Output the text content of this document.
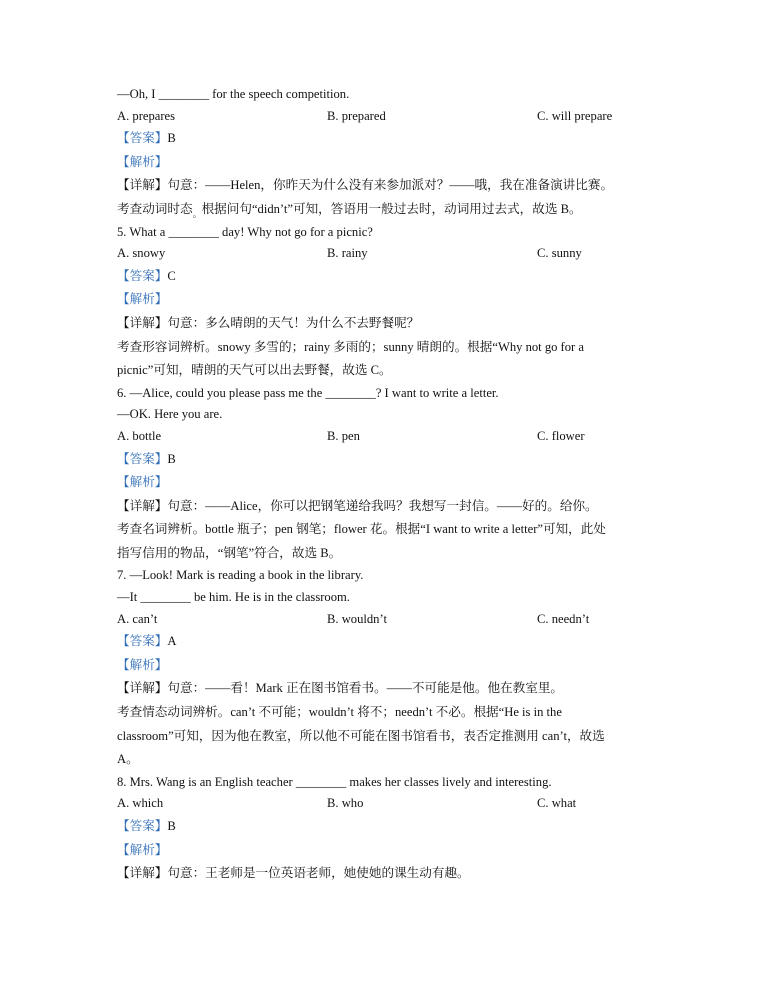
—Oh, I ________ for the speech competition.
A. prepares	B. prepared	C. will prepare
【答案】B
【解析】
【详解】句意：——Helen，你昨天为什么没有来参加派对？——哦，我在准备演讲比赛。
考查动词时态$_。$根据问句“didn’t”可知，答语用一般过去时，动词用过去式，故选 B。
5. What a ________ day! Why not go for a picnic?
A. snowy	B. rainy	C. sunny
【答案】C
【解析】
【详解】句意：多么晴朗的天气！为什么不去野餐呢？
考查形容词辨析。snowy 多雪的；rainy 多雨的；sunny 晴朗的。根据“Why not go for a
picnic”可知，晴朗的天气可以出去野餐，故选 C。
6. —Alice, could you please pass me the ________? I want to write a letter.
—OK. Here you are.
A. bottle	B. pen	C. flower
【答案】B
【解析】
【详解】句意：——Alice，你可以把钢笔递给我吗？我想写一封信。——好的。给你。
考查名词辨析。bottle 瓶子；pen 钢笔；flower 花。根据“I want to write a letter”可知，此处
指写信用的物品，“钢笔”符合，故选 B。
7. —Look! Mark is reading a book in the library.
—It ________ be him. He is in the classroom.
A. can’t	B. wouldn’t	C. needn’t
【答案】A
【解析】
【详解】句意：——看！Mark 正在图书馆看书。——不可能是他。他在教室里。
考查情态动词辨析。can’t 不可能；wouldn’t 将不；needn’t 不必。根据“He is in the
classroom”可知，因为他在教室，所以他不可能在图书馆看书，表否定推测用 can’t，故选
A。
8. Mrs. Wang is an English teacher ________ makes her classes lively and interesting.
A. which	B. who	C. what
【答案】B
【解析】
【详解】句意：王老师是一位英语老师，她使她的课生动有趣。
